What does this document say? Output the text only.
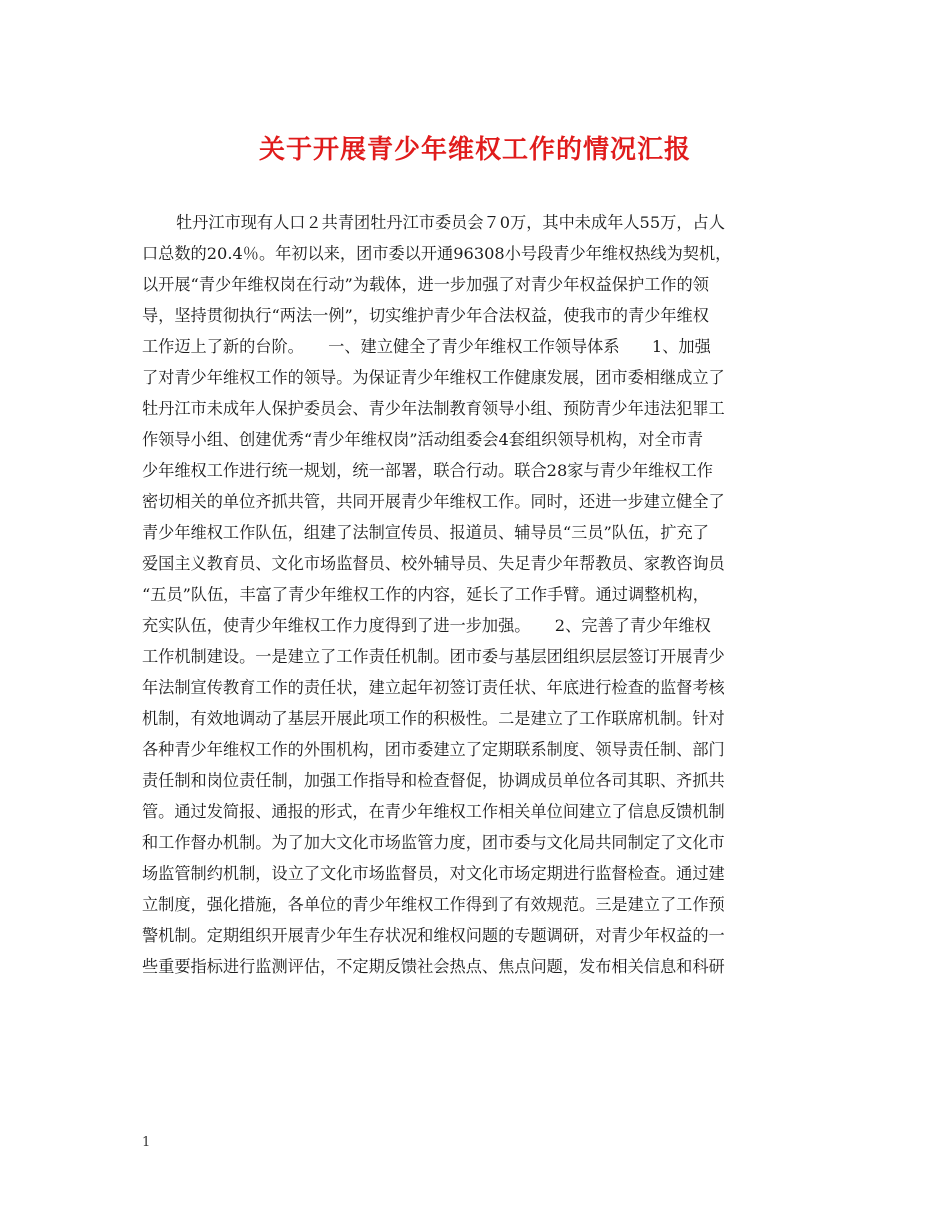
关于开展青少年维权工作的情况汇报
牡丹江市现有人口２共青团牡丹江市委员会７0万，其中未成年人55万，占人
口总数的20.4％。年初以来，团市委以开通96308小号段青少年维权热线为契机，
以开展“青少年维权岗在行动”为载体，进一步加强了对青少年权益保护工作的领
导，坚持贯彻执行“两法一例”，切实维护青少年合法权益，使我市的青少年维权
工作迈上了新的台阶。　　一、建立健全了青少年维权工作领导体系　　1、加强
了对青少年维权工作的领导。为保证青少年维权工作健康发展，团市委相继成立了
牡丹江市未成年人保护委员会、青少年法制教育领导小组、预防青少年违法犯罪工
作领导小组、创建优秀“青少年维权岗”活动组委会4套组织领导机构，对全市青
少年维权工作进行统一规划，统一部署，联合行动。联合28家与青少年维权工作
密切相关的单位齐抓共管，共同开展青少年维权工作。同时，还进一步建立健全了
青少年维权工作队伍，组建了法制宣传员、报道员、辅导员“三员”队伍，扩充了
爱国主义教育员、文化市场监督员、校外辅导员、失足青少年帮教员、家教咨询员
“五员”队伍，丰富了青少年维权工作的内容，延长了工作手臂。通过调整机构，
充实队伍，使青少年维权工作力度得到了进一步加强。　　2、完善了青少年维权
工作机制建设。一是建立了工作责任机制。团市委与基层团组织层层签订开展青少
年法制宣传教育工作的责任状，建立起年初签订责任状、年底进行检查的监督考核
机制，有效地调动了基层开展此项工作的积极性。二是建立了工作联席机制。针对
各种青少年维权工作的外围机构，团市委建立了定期联系制度、领导责任制、部门
责任制和岗位责任制，加强工作指导和检查督促，协调成员单位各司其职、齐抓共
管。通过发简报、通报的形式，在青少年维权工作相关单位间建立了信息反馈机制
和工作督办机制。为了加大文化市场监管力度，团市委与文化局共同制定了文化市
场监管制约机制，设立了文化市场监督员，对文化市场定期进行监督检查。通过建
立制度，强化措施，各单位的青少年维权工作得到了有效规范。三是建立了工作预
警机制。定期组织开展青少年生存状况和维权问题的专题调研，对青少年权益的一
些重要指标进行监测评估，不定期反馈社会热点、焦点问题，发布相关信息和科研
1
